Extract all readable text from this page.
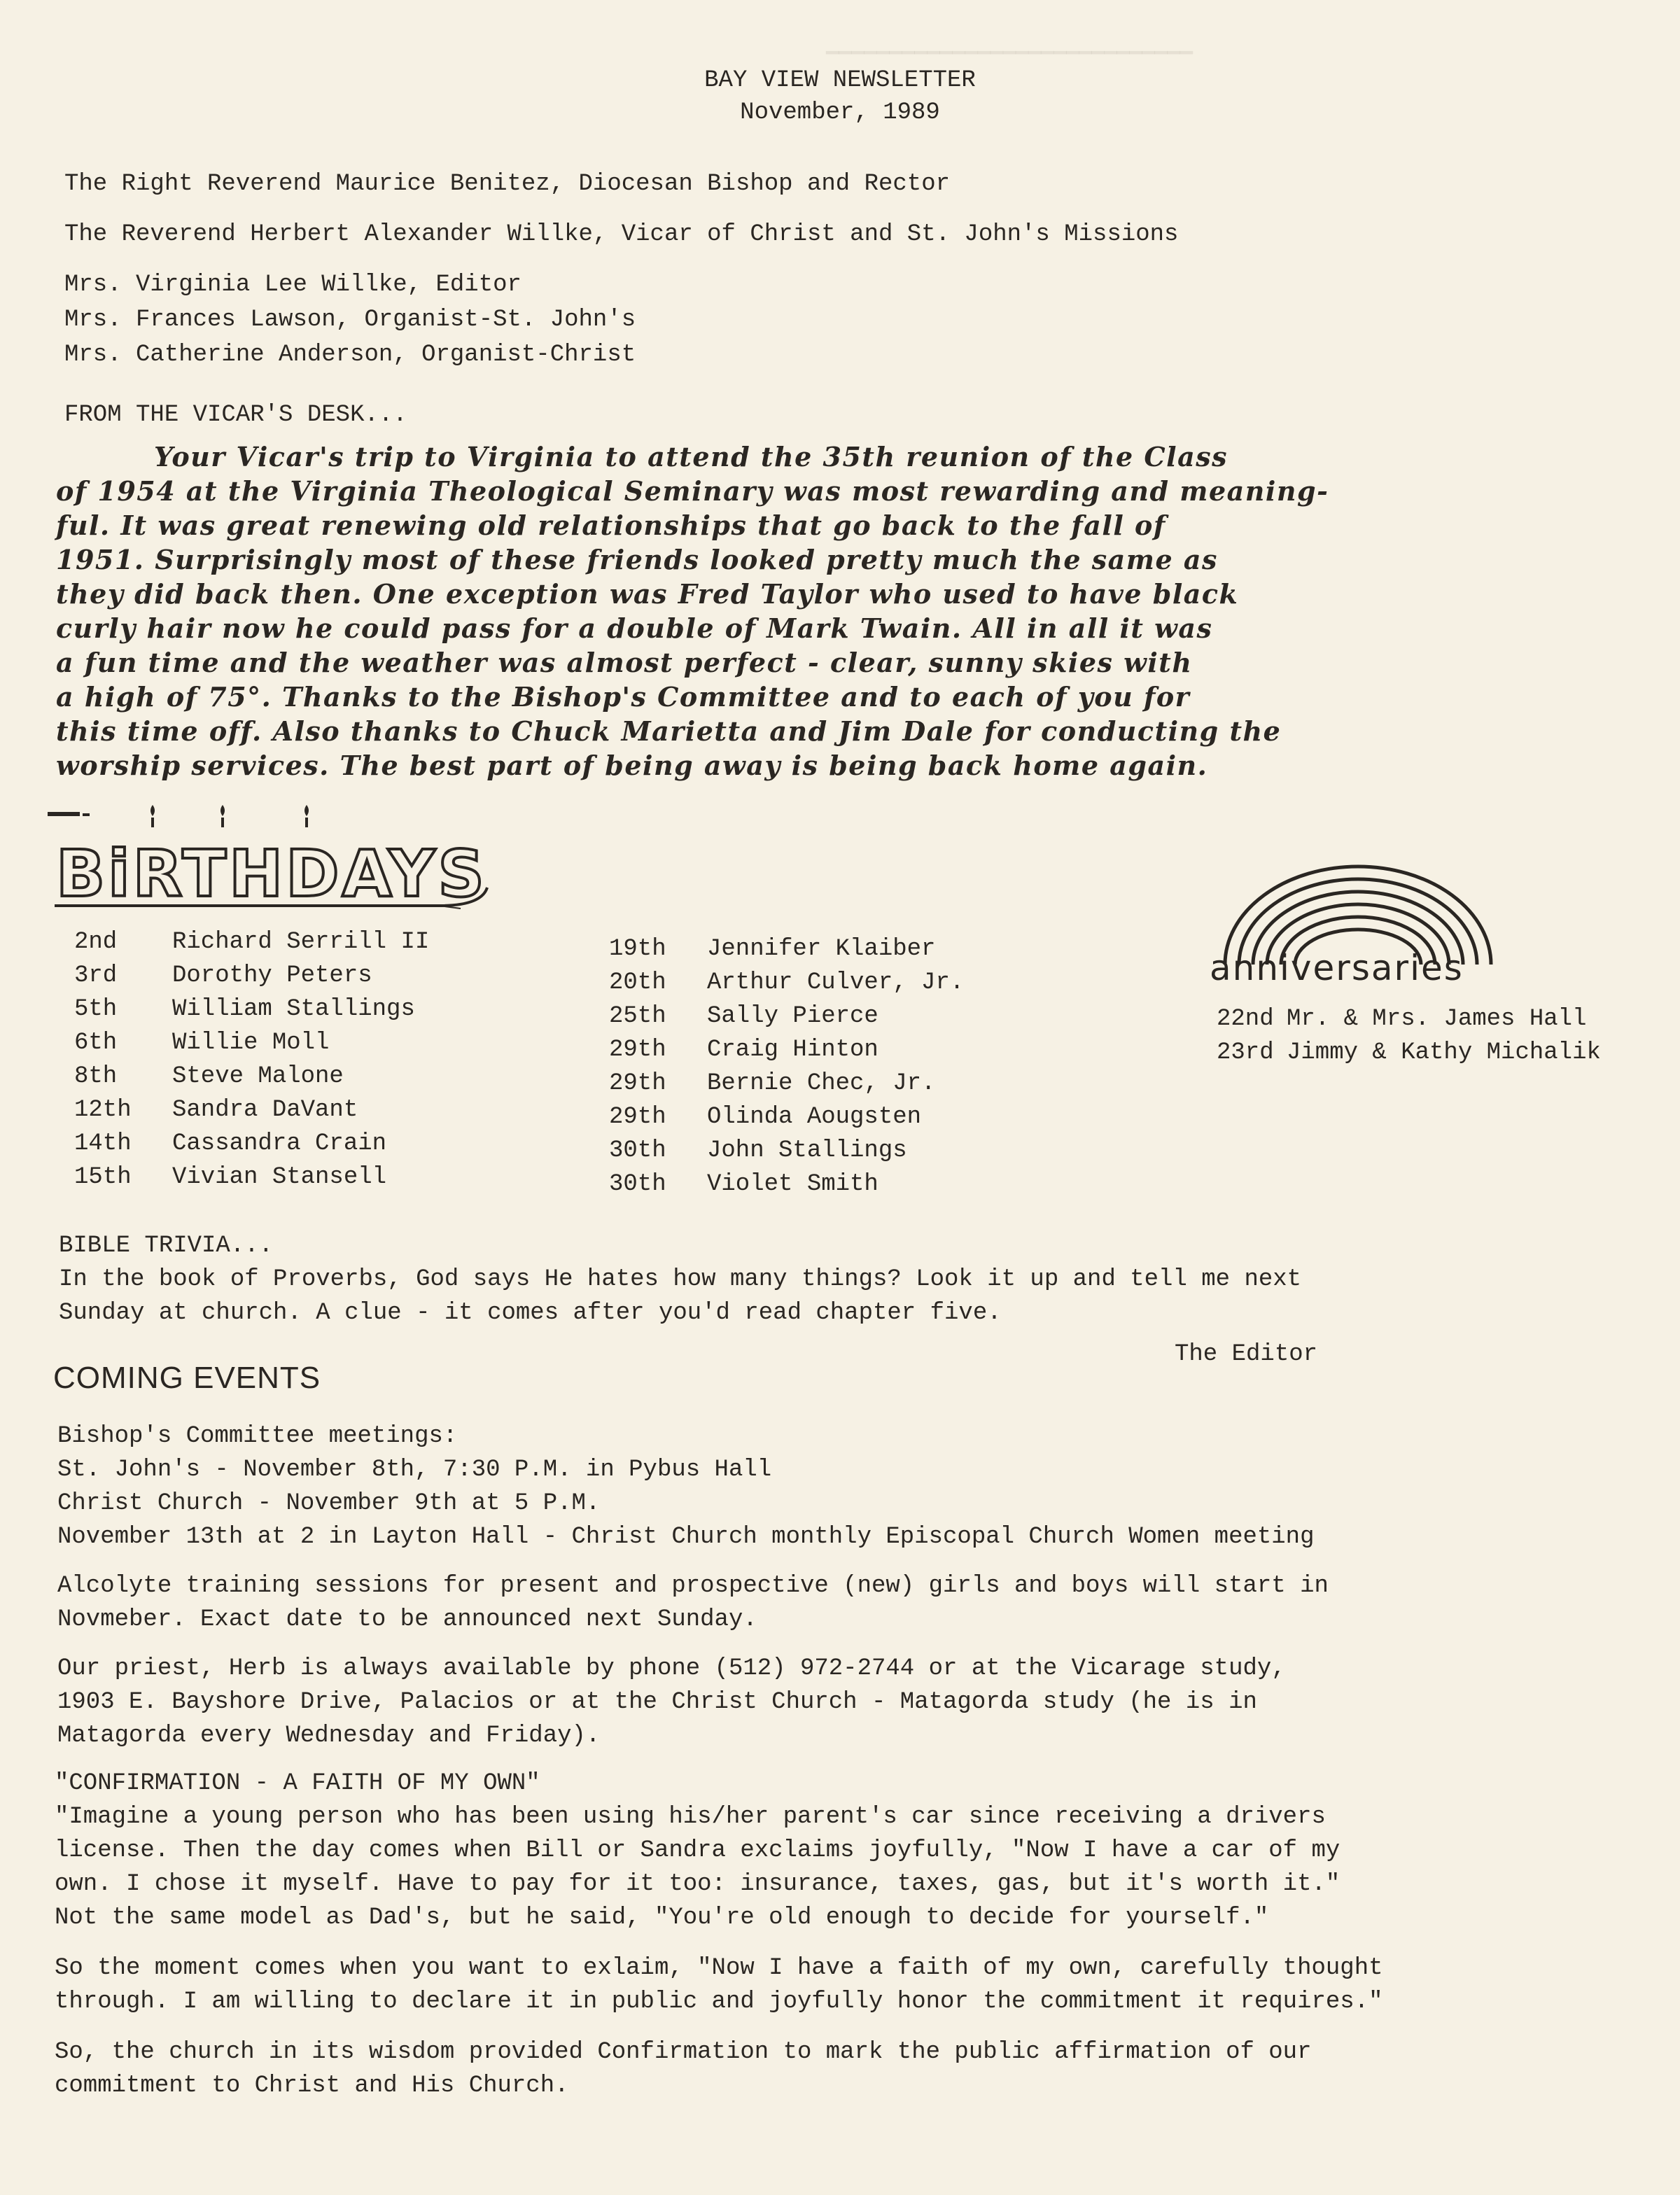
▁▁▁▁▁▁▁▁▁▁▁▁▁▁▁▁▁▁▁▁▁▁▁▁▁▁▁▁▁
BAY VIEW NEWSLETTER
November, 1989
The Right Reverend Maurice Benitez, Diocesan Bishop and Rector
The Reverend Herbert Alexander Willke, Vicar of Christ and St. John's Missions
Mrs. Virginia Lee Willke, Editor
Mrs. Frances Lawson, Organist-St. John's
Mrs. Catherine Anderson, Organist-Christ
FROM THE VICAR'S DESK...
Your Vicar's trip to Virginia to attend the 35th reunion of the Class
of 1954 at the Virginia Theological Seminary was most rewarding and meaning-
ful. It was great renewing old relationships that go back to the fall of
1951. Surprisingly most of these friends looked pretty much the same as
they did back then. One exception was Fred Taylor who used to have black
curly hair now he could pass for a double of Mark Twain. All in all it was
a fun time and the weather was almost perfect - clear, sunny skies with
a high of 75°. Thanks to the Bishop's Committee and to each of you for
this time off. Also thanks to Chuck Marietta and Jim Dale for conducting the
worship services. The best part of being away is being back home again.
BiRTHDAYS
2nd Richard Serrill II
3rd Dorothy Peters
5th William Stallings
6th Willie Moll
8th Steve Malone
12th Sandra DaVant
14th Cassandra Crain
15th Vivian Stansell
19th Jennifer Klaiber
20th Arthur Culver, Jr.
25th Sally Pierce
29th Craig Hinton
29th Bernie Chec, Jr.
29th Olinda Aougsten
30th John Stallings
30th Violet Smith
anniversaries
22nd Mr. & Mrs. James Hall
23rd Jimmy & Kathy Michalik
BIBLE TRIVIA...
In the book of Proverbs, God says He hates how many things? Look it up and tell me next
Sunday at church. A clue - it comes after you'd read chapter five.
The Editor
COMING EVENTS
Bishop's Committee meetings:
St. John's - November 8th, 7:30 P.M. in Pybus Hall
Christ Church - November 9th at 5 P.M.
November 13th at 2 in Layton Hall - Christ Church monthly Episcopal Church Women meeting
Alcolyte training sessions for present and prospective (new) girls and boys will start in
Novmeber. Exact date to be announced next Sunday.
Our priest, Herb is always available by phone (512) 972-2744 or at the Vicarage study,
1903 E. Bayshore Drive, Palacios or at the Christ Church - Matagorda study (he is in
Matagorda every Wednesday and Friday).
"CONFIRMATION - A FAITH OF MY OWN"
"Imagine a young person who has been using his/her parent's car since receiving a drivers
license. Then the day comes when Bill or Sandra exclaims joyfully, "Now I have a car of my
own. I chose it myself. Have to pay for it too: insurance, taxes, gas, but it's worth it."
Not the same model as Dad's, but he said, "You're old enough to decide for yourself."
So the moment comes when you want to exlaim, "Now I have a faith of my own, carefully thought
through. I am willing to declare it in public and joyfully honor the commitment it requires."
So, the church in its wisdom provided Confirmation to mark the public affirmation of our
commitment to Christ and His Church.
